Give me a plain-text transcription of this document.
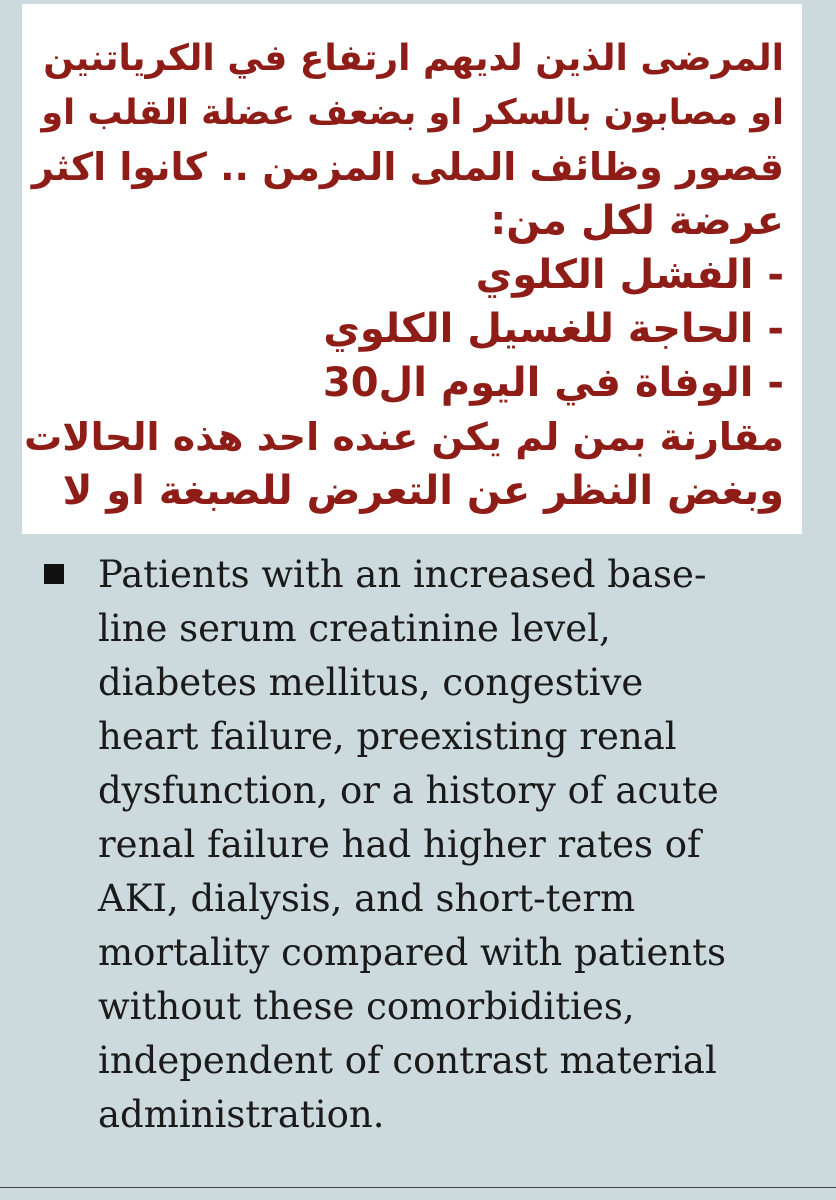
المرضى الذين لديهم ارتفاع في الكرياتنين
او مصابون بالسكر او بضعف عضلة القلب او
قصور وظائف الملى المزمن .. كانوا اكثر
عرضة لكل من:
- الفشل الكلوي
- الحاجة للغسيل الكلوي
- الوفاة في اليوم ال30
مقارنة بمن لم يكن عنده احد هذه الحالات
وبغض النظر عن التعرض للصبغة او لا
Patients with an increased base-
line serum creatinine level,
diabetes mellitus, congestive
heart failure, preexisting renal
dysfunction, or a history of acute
renal failure had higher rates of
AKI, dialysis, and short-term
mortality compared with patients
without these comorbidities,
independent of contrast material
administration.
